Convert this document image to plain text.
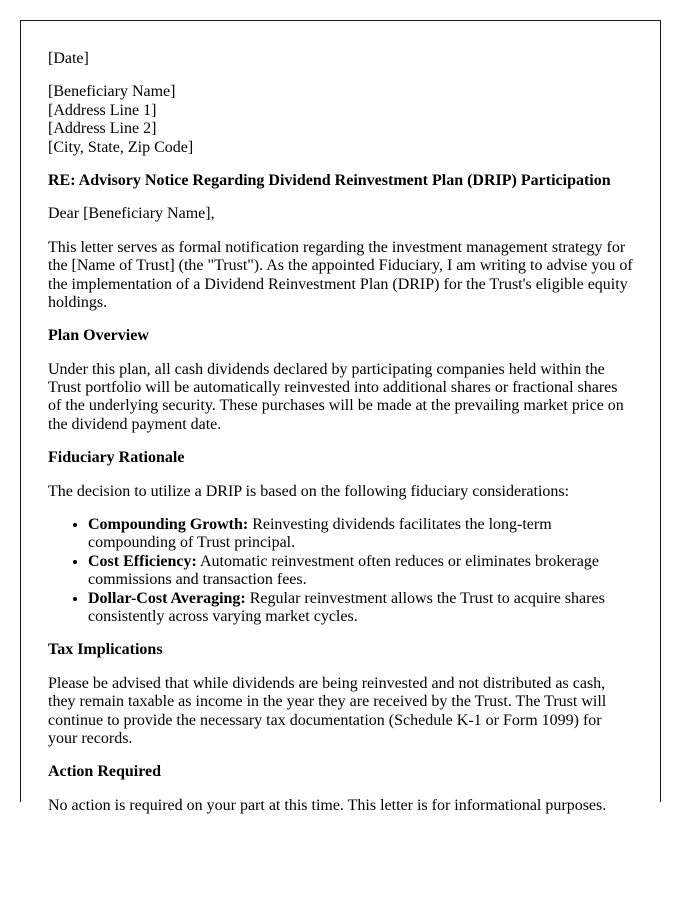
[Date]

[Beneficiary Name]
[Address Line 1]
[Address Line 2]
[City, State, Zip Code]

RE: Advisory Notice Regarding Dividend Reinvestment Plan (DRIP) Participation

Dear [Beneficiary Name],

This letter serves as formal notification regarding the investment management strategy for the [Name of Trust] (the "Trust"). As the appointed Fiduciary, I am writing to advise you of the implementation of a Dividend Reinvestment Plan (DRIP) for the Trust's eligible equity holdings.

Plan Overview

Under this plan, all cash dividends declared by participating companies held within the Trust portfolio will be automatically reinvested into additional shares or fractional shares of the underlying security. These purchases will be made at the prevailing market price on the dividend payment date.

Fiduciary Rationale

The decision to utilize a DRIP is based on the following fiduciary considerations:

• Compounding Growth: Reinvesting dividends facilitates the long-term compounding of Trust principal.
• Cost Efficiency: Automatic reinvestment often reduces or eliminates brokerage commissions and transaction fees.
• Dollar-Cost Averaging: Regular reinvestment allows the Trust to acquire shares consistently across varying market cycles.

Tax Implications

Please be advised that while dividends are being reinvested and not distributed as cash, they remain taxable as income in the year they are received by the Trust. The Trust will continue to provide the necessary tax documentation (Schedule K-1 or Form 1099) for your records.

Action Required

No action is required on your part at this time. This letter is for informational purposes.
